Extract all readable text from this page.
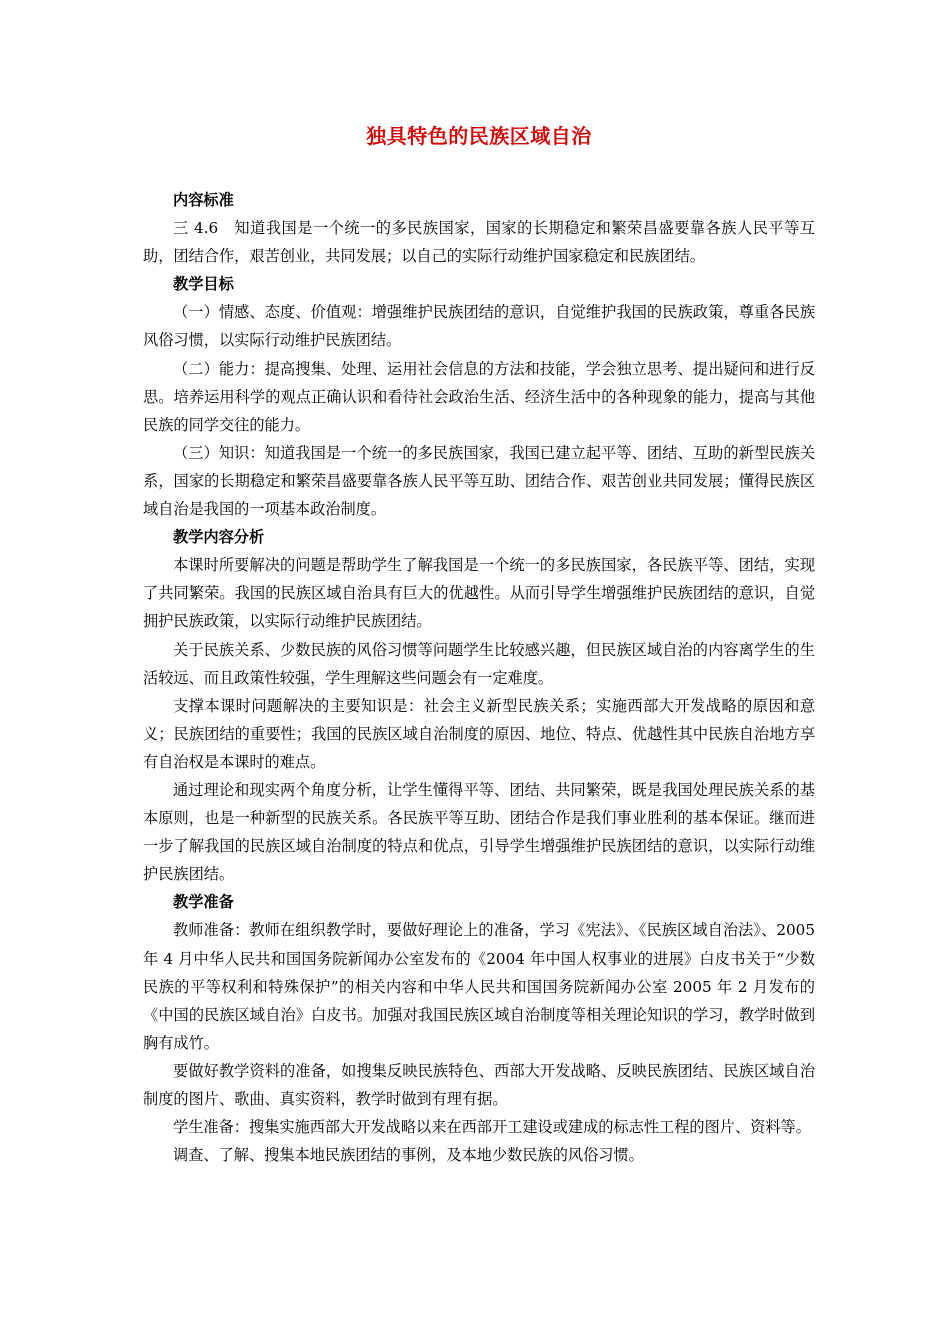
独具特色的民族区域自治

内容标准

三 4.6　知道我国是一个统一的多民族国家，国家的长期稳定和繁荣昌盛要靠各族人民平等互助，团结合作，艰苦创业，共同发展；以自己的实际行动维护国家稳定和民族团结。

教学目标

（一）情感、态度、价值观：增强维护民族团结的意识，自觉维护我国的民族政策，尊重各民族风俗习惯，以实际行动维护民族团结。

（二）能力：提高搜集、处理、运用社会信息的方法和技能，学会独立思考、提出疑问和进行反思。培养运用科学的观点正确认识和看待社会政治生活、经济生活中的各种现象的能力，提高与其他民族的同学交往的能力。

（三）知识：知道我国是一个统一的多民族国家，我国已建立起平等、团结、互助的新型民族关系，国家的长期稳定和繁荣昌盛要靠各族人民平等互助、团结合作、艰苦创业共同发展；懂得民族区域自治是我国的一项基本政治制度。

教学内容分析

本课时所要解决的问题是帮助学生了解我国是一个统一的多民族国家，各民族平等、团结，实现了共同繁荣。我国的民族区域自治具有巨大的优越性。从而引导学生增强维护民族团结的意识，自觉拥护民族政策，以实际行动维护民族团结。

关于民族关系、少数民族的风俗习惯等问题学生比较感兴趣，但民族区域自治的内容离学生的生活较远、而且政策性较强，学生理解这些问题会有一定难度。

支撑本课时问题解决的主要知识是：社会主义新型民族关系；实施西部大开发战略的原因和意义；民族团结的重要性；我国的民族区域自治制度的原因、地位、特点、优越性其中民族自治地方享有自治权是本课时的难点。

通过理论和现实两个角度分析，让学生懂得平等、团结、共同繁荣，既是我国处理民族关系的基本原则，也是一种新型的民族关系。各民族平等互助、团结合作是我们事业胜利的基本保证。继而进一步了解我国的民族区域自治制度的特点和优点，引导学生增强维护民族团结的意识，以实际行动维护民族团结。

教学准备

教师准备：教师在组织教学时，要做好理论上的准备，学习《宪法》、《民族区域自治法》、2005 年 4 月中华人民共和国国务院新闻办公室发布的《2004 年中国人权事业的进展》白皮书关于“少数民族的平等权利和特殊保护”的相关内容和中华人民共和国国务院新闻办公室 2005 年 2 月发布的《中国的民族区域自治》白皮书。加强对我国民族区域自治制度等相关理论知识的学习，教学时做到胸有成竹。

要做好教学资料的准备，如搜集反映民族特色、西部大开发战略、反映民族团结、民族区域自治制度的图片、歌曲、真实资料，教学时做到有理有据。

学生准备：搜集实施西部大开发战略以来在西部开工建设或建成的标志性工程的图片、资料等。

调查、了解、搜集本地民族团结的事例，及本地少数民族的风俗习惯。
